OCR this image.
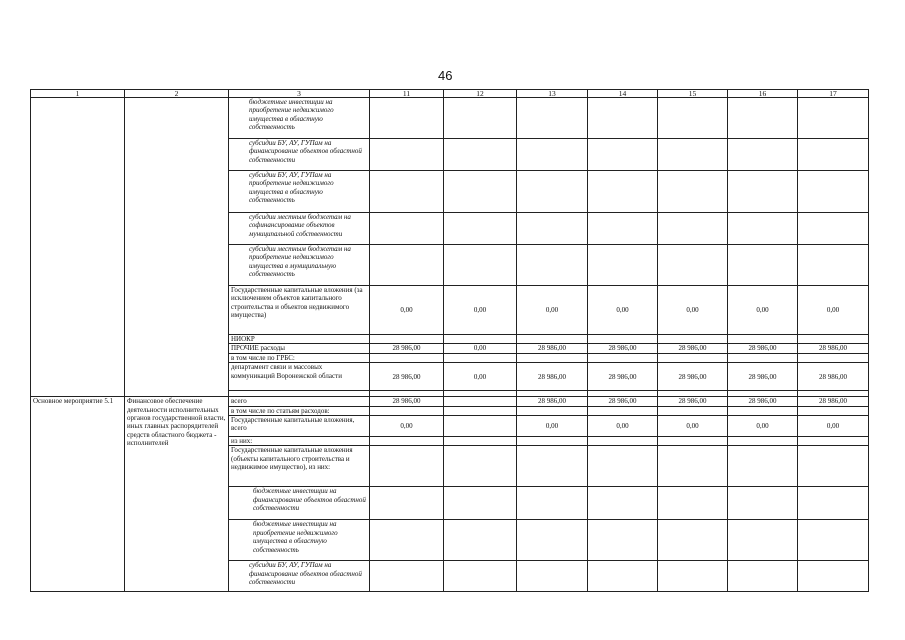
46
1	2	3	11	12	13	14	15	16	17
		бюджетные инвестиции на приобретение недвижимого имущества в областную собственность							
		субсидии БУ, АУ, ГУПам на финансирование объектов областной собственности							
		субсидии БУ, АУ, ГУПам на приобретение недвижимого имущества в областную собственность							
		субсидии местным бюджетам на софинансирование объектов муниципальной собственности							
		субсидии местным бюджетам на приобретение недвижимого имущества в муниципальную собственность							
		Государственные капитальные вложения (за исключением объектов капитального строительства и объектов недвижимого имущества)	0,00	0,00	0,00	0,00	0,00	0,00	0,00
		НИОКР							
		ПРОЧИЕ расходы	28 986,00	0,00	28 986,00	28 986,00	28 986,00	28 986,00	28 986,00
		в том числе по ГРБС:							
		департамент связи и массовых коммуникаций Воронежской области	28 986,00	0,00	28 986,00	28 986,00	28 986,00	28 986,00	28 986,00

Основное мероприятие 5.1	Финансовое обеспечение деятельности исполнительных органов государственной власти, иных главных распорядителей средств областного бюджета - исполнителей	всего	28 986,00		28 986,00	28 986,00	28 986,00	28 986,00	28 986,00
		в том числе по статьям расходов:							
		Государственные капитальные вложения, всего	0,00		0,00	0,00	0,00	0,00	0,00
		из них:							
		Государственные капитальные вложения (объекты капитального строительства и недвижимое имущество), из них:							
		бюджетные инвестиции на финансирование объектов областной собственности							
		бюджетные инвестиции на приобретение недвижимого имущества в областную собственность							
		субсидии БУ, АУ, ГУПам на финансирование объектов областной собственности							
